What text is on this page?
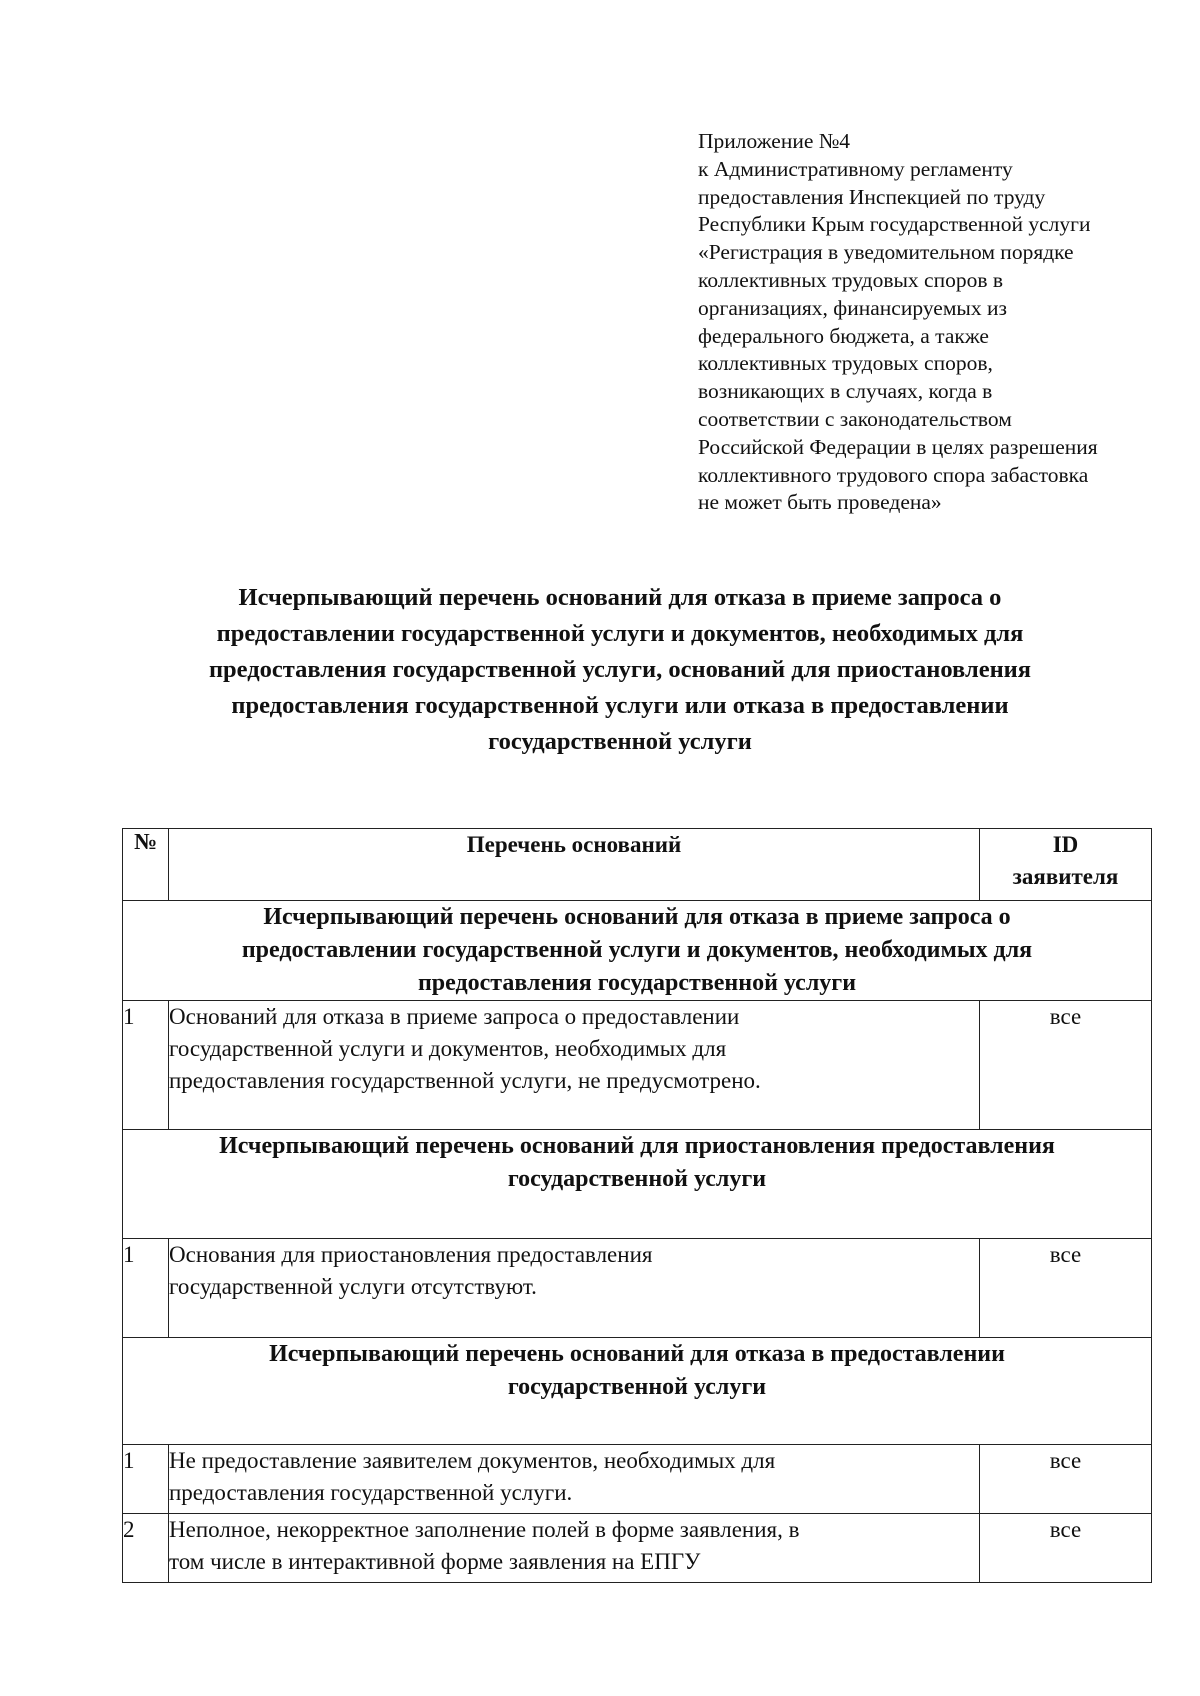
Приложение №4
к Административному регламенту
предоставления Инспекцией по труду
Республики Крым государственной услуги
«Регистрация в уведомительном порядке
коллективных трудовых споров в
организациях, финансируемых из
федерального бюджета, а также
коллективных трудовых споров,
возникающих в случаях, когда в
соответствии с законодательством
Российской Федерации в целях разрешения
коллективного трудового спора забастовка
не может быть проведена»
Исчерпывающий перечень оснований для отказа в приеме запроса о
предоставлении государственной услуги и документов, необходимых для
предоставления государственной услуги, оснований для приостановления
предоставления государственной услуги или отказа в предоставлении
государственной услуги
№	Перечень оснований	ID
заявителя

Исчерпывающий перечень оснований для отказа в приеме запроса о
предоставлении государственной услуги и документов, необходимых для
предоставления государственной услуги		

1	Оснований для отказа в приеме запроса о предоставлении
государственной услуги и документов, необходимых для
предоставления государственной услуги, не предусмотрено.	все

Исчерпывающий перечень оснований для приостановления предоставления
государственной услуги		

1	Основания для приостановления предоставления
государственной услуги отсутствуют.	все

Исчерпывающий перечень оснований для отказа в предоставлении
государственной услуги		

1	Не предоставление заявителем документов, необходимых для
предоставления государственной услуги.	все
2	Неполное, некорректное заполнение полей в форме заявления, в
том числе в интерактивной форме заявления на ЕПГУ	все
